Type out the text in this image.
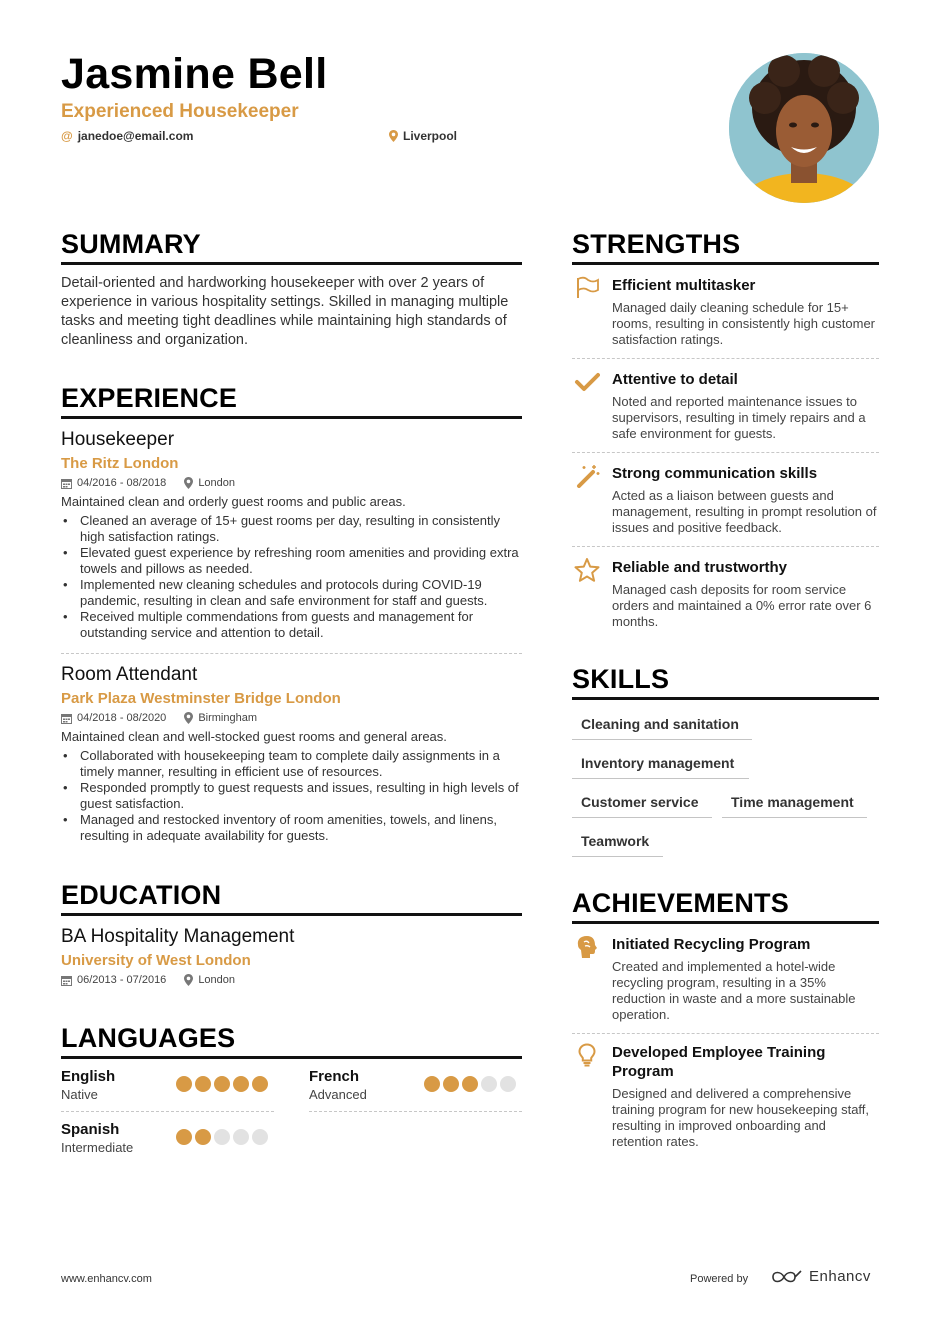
Jasmine Bell
Experienced Housekeeper
@ janedoe@email.com	Liverpool
SUMMARY
Detail-oriented and hardworking housekeeper with over 2 years of experience in various hospitality settings. Skilled in managing multiple tasks and meeting tight deadlines while maintaining high standards of cleanliness and organization.
EXPERIENCE
Housekeeper
The Ritz London
04/2016 - 08/2018	London
Maintained clean and orderly guest rooms and public areas.
• Cleaned an average of 15+ guest rooms per day, resulting in consistently high satisfaction ratings.
• Elevated guest experience by refreshing room amenities and providing extra towels and pillows as needed.
• Implemented new cleaning schedules and protocols during COVID-19 pandemic, resulting in clean and safe environment for staff and guests.
• Received multiple commendations from guests and management for outstanding service and attention to detail.
Room Attendant
Park Plaza Westminster Bridge London
04/2018 - 08/2020	Birmingham
Maintained clean and well-stocked guest rooms and general areas.
• Collaborated with housekeeping team to complete daily assignments in a timely manner, resulting in efficient use of resources.
• Responded promptly to guest requests and issues, resulting in high levels of guest satisfaction.
• Managed and restocked inventory of room amenities, towels, and linens, resulting in adequate availability for guests.
EDUCATION
BA Hospitality Management
University of West London
06/2013 - 07/2016	London
LANGUAGES
English
Native
French
Advanced
Spanish
Intermediate
STRENGTHS
Efficient multitasker
Managed daily cleaning schedule for 15+ rooms, resulting in consistently high customer satisfaction ratings.
Attentive to detail
Noted and reported maintenance issues to supervisors, resulting in timely repairs and a safe environment for guests.
Strong communication skills
Acted as a liaison between guests and management, resulting in prompt resolution of issues and positive feedback.
Reliable and trustworthy
Managed cash deposits for room service orders and maintained a 0% error rate over 6 months.
SKILLS
Cleaning and sanitation
Inventory management
Customer service	Time management
Teamwork
ACHIEVEMENTS
Initiated Recycling Program
Created and implemented a hotel-wide recycling program, resulting in a 35% reduction in waste and a more sustainable operation.
Developed Employee Training Program
Designed and delivered a comprehensive training program for new housekeeping staff, resulting in improved onboarding and retention rates.
www.enhancv.com	Powered by	Enhancv
